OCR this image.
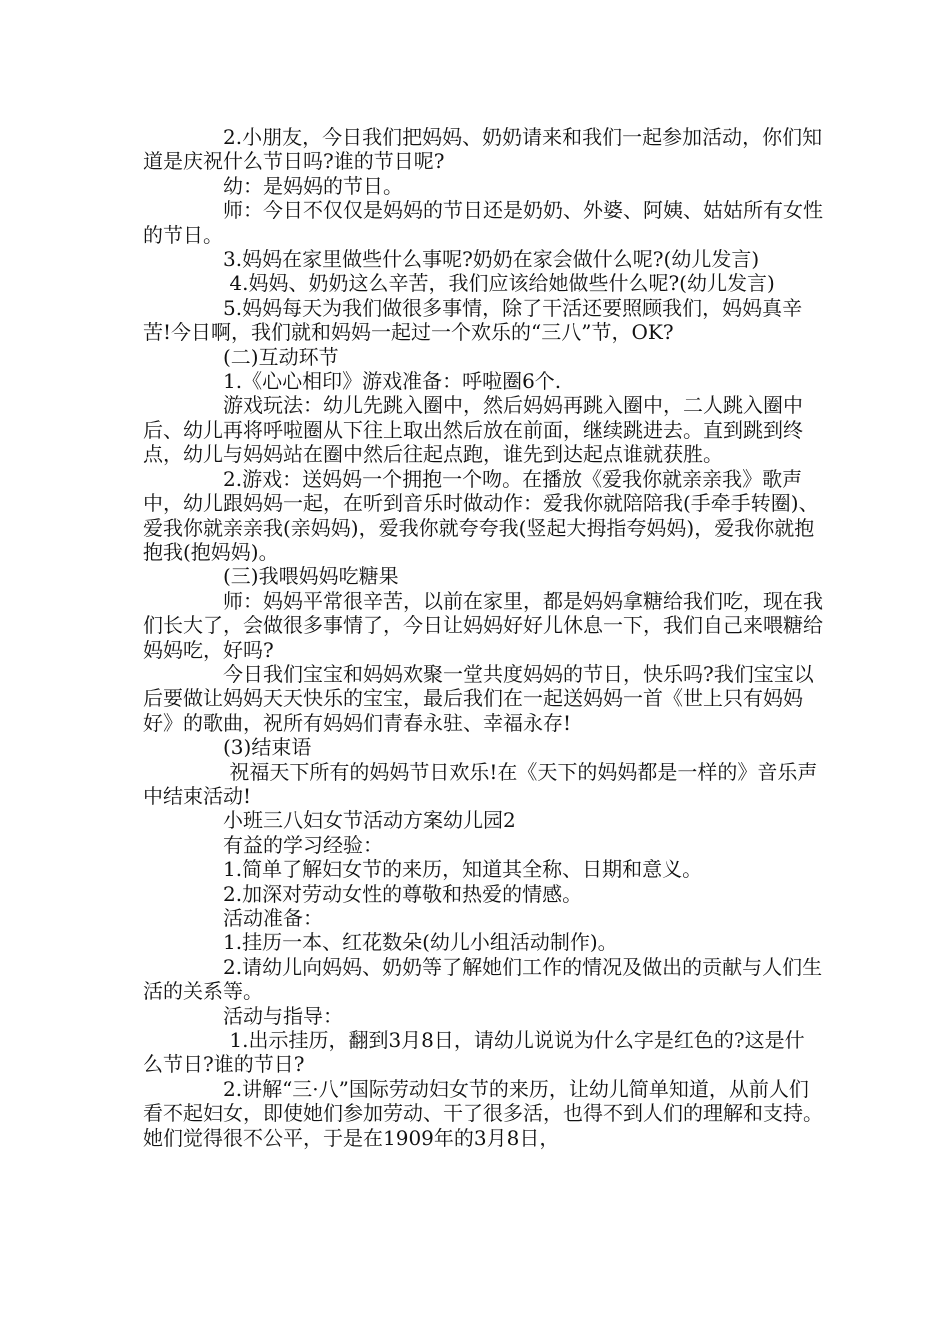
　　　　2.小朋友，今日我们把妈妈、奶奶请来和我们一起参加活动，你们知道是庆祝什么节日吗?谁的节日呢?

　　　　幼：是妈妈的节日。

　　　　师：今日不仅仅是妈妈的节日还是奶奶、外婆、阿姨、姑姑所有女性的节日。

　　　　3.妈妈在家里做些什么事呢?奶奶在家会做什么呢?(幼儿发言)

　　　　 4.妈妈、奶奶这么辛苦，我们应该给她做些什么呢?(幼儿发言)

　　　　5.妈妈每天为我们做很多事情，除了干活还要照顾我们，妈妈真辛苦!今日啊，我们就和妈妈一起过一个欢乐的“三八”节，OK?

　　　　(二)互动环节

　　　　1.《心心相印》游戏准备：呼啦圈6个.

　　　　游戏玩法：幼儿先跳入圈中，然后妈妈再跳入圈中，二人跳入圈中后、幼儿再将呼啦圈从下往上取出然后放在前面，继续跳进去。直到跳到终点，幼儿与妈妈站在圈中然后往起点跑，谁先到达起点谁就获胜。

　　　　2.游戏：送妈妈一个拥抱一个吻。在播放《爱我你就亲亲我》歌声中，幼儿跟妈妈一起，在听到音乐时做动作：爱我你就陪陪我(手牵手转圈)、爱我你就亲亲我(亲妈妈)，爱我你就夸夸我(竖起大拇指夸妈妈)，爱我你就抱抱我(抱妈妈)。

　　　　(三)我喂妈妈吃糖果

　　　　师：妈妈平常很辛苦，以前在家里，都是妈妈拿糖给我们吃，现在我们长大了，会做很多事情了，今日让妈妈好好儿休息一下，我们自己来喂糖给妈妈吃，好吗?

　　　　今日我们宝宝和妈妈欢聚一堂共度妈妈的节日，快乐吗?我们宝宝以后要做让妈妈天天快乐的宝宝，最后我们在一起送妈妈一首《世上只有妈妈好》的歌曲，祝所有妈妈们青春永驻、幸福永存!

　　　　(3)结束语

　　　　 祝福天下所有的妈妈节日欢乐!在《天下的妈妈都是一样的》音乐声中结束活动!

　　　　小班三八妇女节活动方案幼儿园2

　　　　有益的学习经验：

　　　　1.简单了解妇女节的来历，知道其全称、日期和意义。

　　　　2.加深对劳动女性的尊敬和热爱的情感。

　　　　活动准备：

　　　　1.挂历一本、红花数朵(幼儿小组活动制作)。

　　　　2.请幼儿向妈妈、奶奶等了解她们工作的情况及做出的贡献与人们生活的关系等。

　　　　活动与指导：

　　　　 1.出示挂历，翻到3月8日，请幼儿说说为什么字是红色的?这是什么节日?谁的节日?

　　　　2.讲解“三·八”国际劳动妇女节的来历，让幼儿简单知道，从前人们看不起妇女，即使她们参加劳动、干了很多活，也得不到人们的理解和支持。她们觉得很不公平，于是在1909年的3月8日，
